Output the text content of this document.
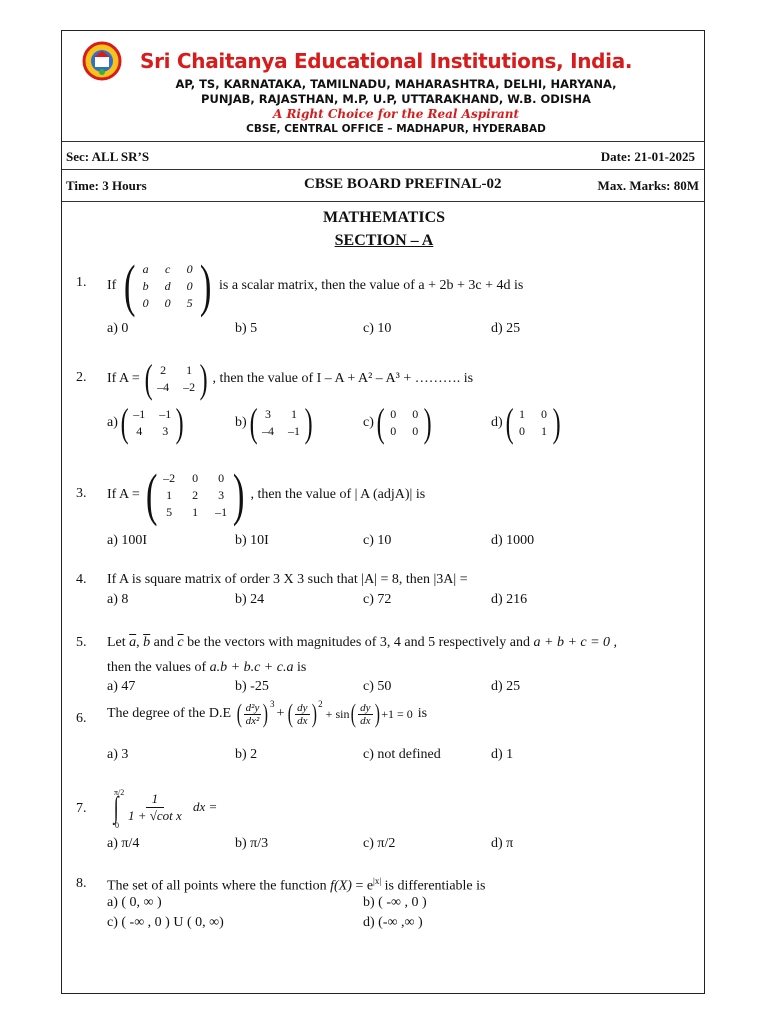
Sri Chaitanya Educational Institutions, India.
AP, TS, KARNATAKA, TAMILNADU, MAHARASHTRA, DELHI, HARYANA,
PUNJAB, RAJASTHAN, M.P, U.P, UTTARAKHAND, W.B. ODISHA
A Right Choice for the Real Aspirant
CBSE, CENTRAL OFFICE – MADHAPUR, HYDERABAD
Sec: ALL SR’S	Date: 21-01-2025
Time: 3 Hours	CBSE BOARD PREFINAL-02	Max. Marks: 80M
MATHEMATICS
SECTION – A
1. If ( a c 0
b d 0
0 0 5 ) is a scalar matrix, then the value of a + 2b + 3c + 4d is
a) 0	b) 5	c) 10	d) 25
2. If A = ( 2	1
–4 –2 ) , then the value of I – A + A² – A³ + ………. is
a) ( –1 –1
4	3 )	b) ( 3	1
–4 –1 )	c) ( 0 0
0 0 )	d) ( 1 0
0 1 )
3. If A = ( –2	0	0
1	2	3
5	1	–1 ) , then the value of | A (adjA)| is
a) 100I	b) 10I	c) 10	d) 1000
4. If A is square matrix of order 3 X 3 such that |A| = 8, then |3A| =
a) 8	b) 24	c) 72	d) 216
5. Let $\overline{a}$, $\overline{b}$ and $\overline{c}$ be the vectors with magnitudes of 3, 4 and 5 respectively and a + b + c = 0 ,
then the values of a.b + b.c + c.a is
a) 47	b) -25	c) 50	d) 25
6. The degree of the D.E ( $\frac{\text{d²y}}{\text{dx²}} )^3$
+ ( $\frac{dy}{dx} )^2$
+ sin ( $\frac{dy}{dx}$ ) +1 = 0 is
a) 3	b) 2	c) not defined	d) 1
7.
π/2
∫
0
$\frac{1}{\text{1 + √cot x}}$ dx =
a) π/4	b) π/3	c) π/2	d) π
8. The set of all points where the function $f(X) = e^{|x|}$ is differentiable is
a) ( 0, ∞ )	b) ( -∞ , 0 )
c) ( -∞ , 0 ) U ( 0, ∞)	d) (-∞ ,∞ )
